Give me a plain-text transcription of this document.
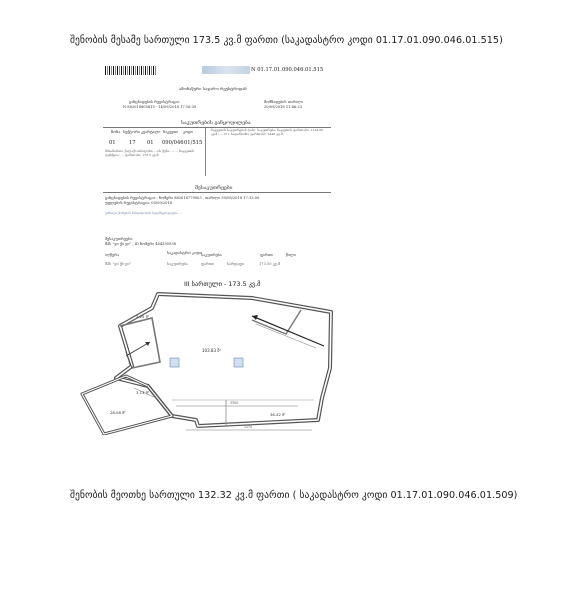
შენობის მესამე სართული 173.5 კვ.მ ფართი (საკადასტრო კოდი 01.17.01.090.046.01.515)
N 01.17.01.090.046.01.515
ამონაწერი საჯარო რეესტრიდან
განცხადების რეგისტრაცია
N 882018805815 - 14/09/2018 17:16:39
მომზადების თარიღი
20/09/2018 11:46:23
საკუთრების განყოფილება
ზონა სექტორი კვარტალი ნაკვეთი კოდი
01	17 01 090/046 01/515
ნაკვეთის საკუთრების ტიპი: საკუთრება; ნაკვეთის ფართობი: 1134.00 კვ.მ.; ... N 1 სადარბაზო ფართობი: 5443 კვ.მ.
მისამართი: ქალაქი თბილისი, ...ის ქუჩა ...; ... ნაკვეთის ფუნქცია: ... ფართობი: 173.5 კვ.მ.
მესაკუთრეები
განცხადების რეგისტრაცია : ნომერი 882018779003 , თარიღი 30/08/2018 17:13:00
უფლების რეგისტრაცია: 05/09/2018
უძრავი ქონების ნასყიდობის ხელშეკრულება ...
მესაკუთრეები:
შპს "ჯი ქი ჯი" , ID ნომერი 404395938
აღწერა	საკადასტრო კოდი საკუთრება	ფართი	წილი
შპს "ჯი ქი ჯი"	საკუთრება	ფართი	სარდაფი	173.50 კვ.მ
III სართული - 173.5 კვ.მ
2.25 მ²
103.83 მ²
3.13 მ²
28.08 მ²	36.42 მ²
3300
1170
შენობის მეოთხე სართული 132.32 კვ.მ ფართი ( საკადასტრო კოდი 01.17.01.090.046.01.509)
